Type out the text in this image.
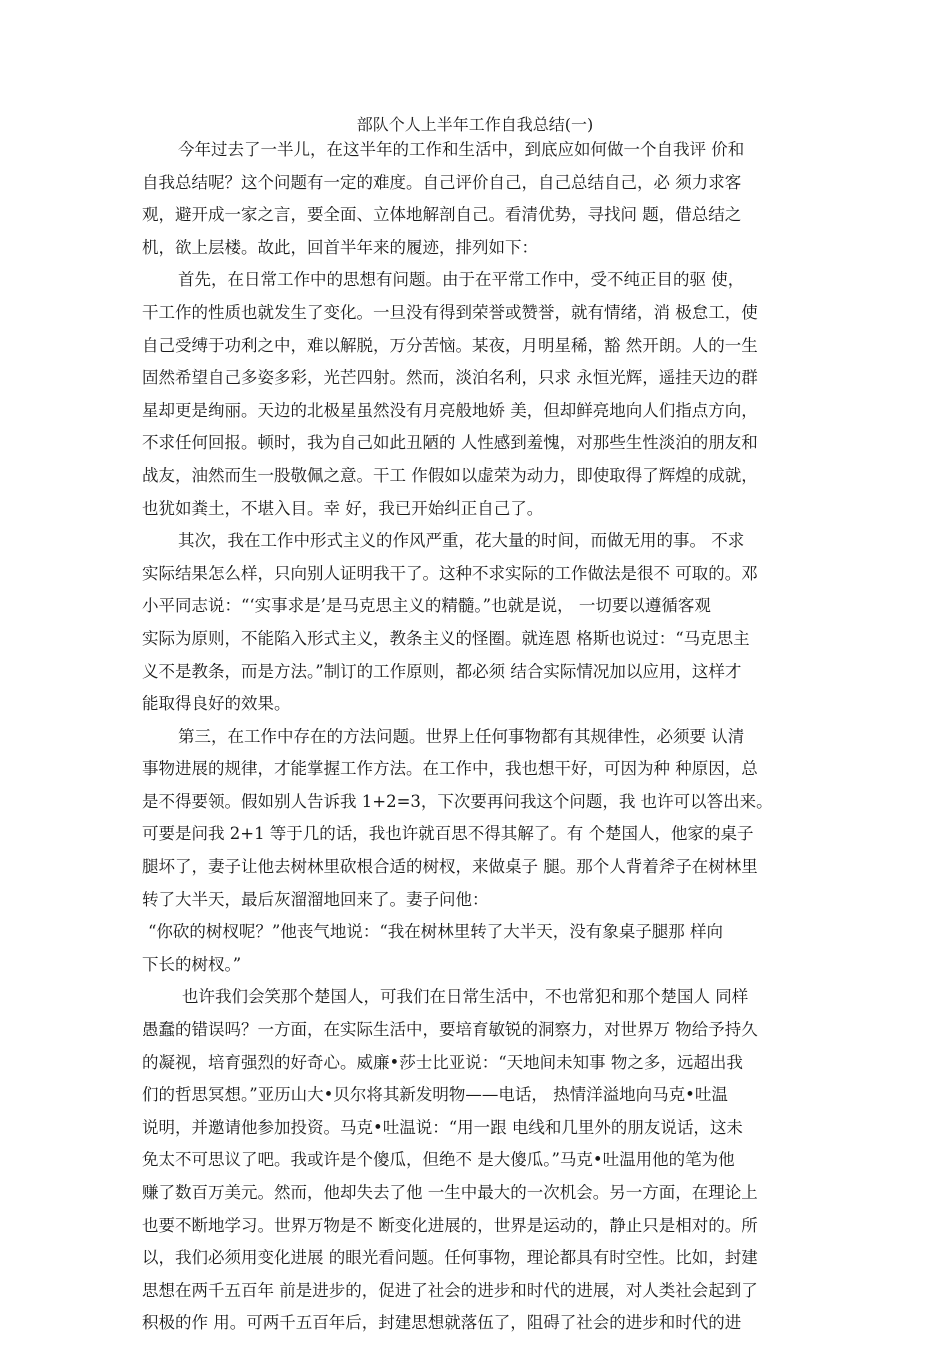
部队个人上半年工作自我总结(一)
今年过去了一半儿，在这半年的工作和生活中，到底应如何做一个自我评 价和
自我总结呢？这个问题有一定的难度。自己评价自己，自己总结自己，必 须力求客
观，避开成一家之言，要全面、立体地解剖自己。看清优势，寻找问 题，借总结之
机，欲上层楼。故此，回首半年来的履迹，排列如下：
首先，在日常工作中的思想有问题。由于在平常工作中，受不纯正目的驱 使，
干工作的性质也就发生了变化。一旦没有得到荣誉或赞誉，就有情绪，消 极怠工，使
自己受缚于功利之中，难以解脱，万分苦恼。某夜，月明星稀，豁 然开朗。人的一生
固然希望自己多姿多彩，光芒四射。然而，淡泊名利，只求 永恒光辉，遥挂天边的群
星却更是绚丽。天边的北极星虽然没有月亮般地娇 美，但却鲜亮地向人们指点方向，
不求任何回报。顿时，我为自己如此丑陋的 人性感到羞愧，对那些生性淡泊的朋友和
战友，油然而生一股敬佩之意。干工 作假如以虚荣为动力，即使取得了辉煌的成就，
也犹如粪土，不堪入目。幸 好，我已开始纠正自己了。
其次，我在工作中形式主义的作风严重，花大量的时间，而做无用的事。 不求
实际结果怎么样，只向别人证明我干了。这种不求实际的工作做法是很不 可取的。邓
小平同志说：“‘实事求是’是马克思主义的精髓。”也就是说， 一切要以遵循客观
实际为原则，不能陷入形式主义，教条主义的怪圈。就连恩 格斯也说过：“马克思主
义不是教条，而是方法。”制订的工作原则，都必须 结合实际情况加以应用，这样才
能取得良好的效果。
第三，在工作中存在的方法问题。世界上任何事物都有其规律性，必须要 认清
事物进展的规律，才能掌握工作方法。在工作中，我也想干好，可因为种 种原因，总
是不得要领。假如别人告诉我 1+2=3，下次要再问我这个问题，我 也许可以答出来。
可要是问我 2+1 等于几的话，我也许就百思不得其解了。有 个楚国人，他家的桌子
腿坏了，妻子让他去树林里砍根合适的树杈，来做桌子 腿。那个人背着斧子在树林里
转了大半天，最后灰溜溜地回来了。妻子问他：
“你砍的树杈呢？”他丧气地说：“我在树林里转了大半天，没有象桌子腿那 样向
下长的树杈。”
也许我们会笑那个楚国人，可我们在日常生活中，不也常犯和那个楚国人 同样
愚蠢的错误吗？一方面，在实际生活中，要培育敏锐的洞察力，对世界万 物给予持久
的凝视，培育强烈的好奇心。威廉•莎士比亚说：“天地间未知事 物之多，远超出我
们的哲思冥想。”亚历山大•贝尔将其新发明物——电话， 热情洋溢地向马克•吐温
说明，并邀请他参加投资。马克•吐温说：“用一跟 电线和几里外的朋友说话，这未
免太不可思议了吧。我或许是个傻瓜，但绝不 是大傻瓜。”马克•吐温用他的笔为他
赚了数百万美元。然而，他却失去了他 一生中最大的一次机会。另一方面，在理论上
也要不断地学习。世界万物是不 断变化进展的，世界是运动的，静止只是相对的。所
以，我们必须用变化进展 的眼光看问题。任何事物，理论都具有时空性。比如，封建
思想在两千五百年 前是进步的，促进了社会的进步和时代的进展，对人类社会起到了
积极的作 用。可两千五百年后，封建思想就落伍了，阻碍了社会的进步和时代的进
